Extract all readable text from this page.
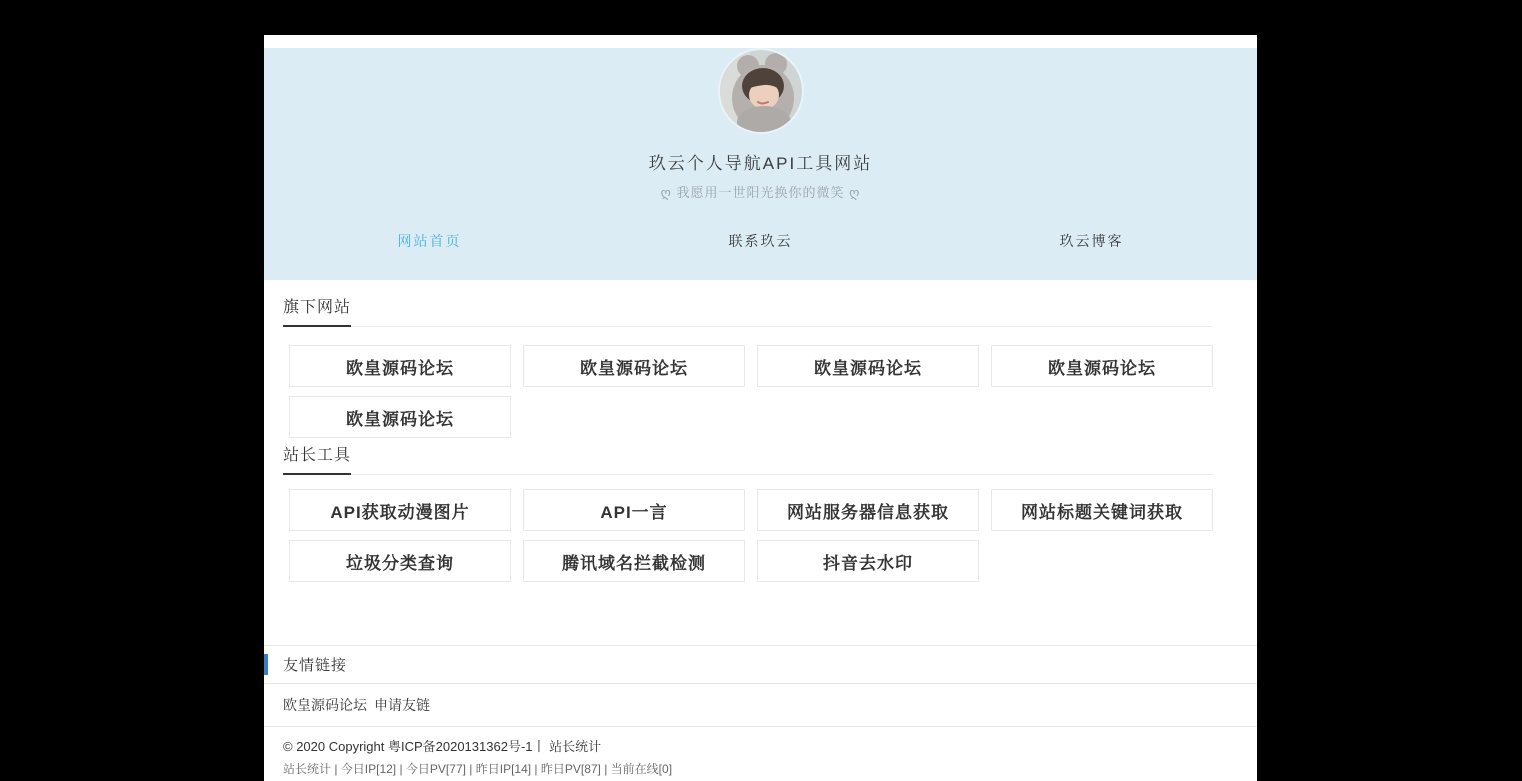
玖云个人导航API工具网站
ღ 我愿用一世阳光换你的微笑 ღ
网站首页	联系玖云	玖云博客
旗下网站
欧皇源码论坛	欧皇源码论坛	欧皇源码论坛	欧皇源码论坛
欧皇源码论坛
站长工具
API获取动漫图片	API一言	网站服务器信息获取	网站标题关键词获取
垃圾分类查询	腾讯域名拦截检测	抖音去水印
友情链接
欧皇源码论坛 申请友链
© 2020 Copyright 粤ICP备2020131362号-1丨 站长统计
站长统计 | 今日IP[12] | 今日PV[77] | 昨日IP[14] | 昨日PV[87] | 当前在线[0]
